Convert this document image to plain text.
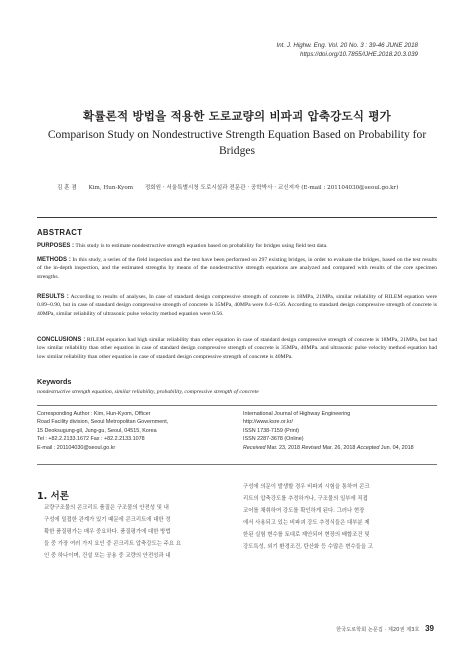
Int. J. Highw. Eng. Vol. 20 No. 3 : 39-46 JUNE 2018
https://doi.org/10.7855/IJHE.2018.20.3.039
확률론적 방법을 적용한 도로교량의 비파괴 압축강도식 평가
Comparison Study on Nondestructive Strength Equation Based on Probability for Bridges
김 훈 겸 Kim, Hun-Kyom 정회원 · 서울특별시청 도로시설과 전문관 · 공학박사 · 교신저자 (E-mail : 201104030@seoul.go.kr)
ABSTRACT
PURPOSES : This study is to estimate nondestructive strength equation based on probability for bridges using field test data.
METHODS : In this study, a series of the field inspection and the test have been performed on 297 existing bridges, in order to evaluate the bridges, based on the test results of the in-depth inspection, and the estimated strengths by means of the nondestructive strength equations are analyzed and compared with results of the core specimen strengths.
RESULTS : According to results of analyses, In case of standard design compressive strength of concrete is 18MPa, 21MPa, similar reliability of RILEM equation were 0.89~0.90, but in case of standard design compressive strength of concrete is 35MPa, 40MPa were 0.4~0.56. According to standard design compressive strength of concrete is 40MPa, similar reliability of ultrasonic pulse velocity method equation were 0.56.
CONCLUSIONS : RILEM equation had high similar reliability than other equation in case of standard design compressive strength of concrete is 18MPa, 21MPa, but had low similar reliability than other equation in case of standard design compressive strength of concrete is 35MPa, 40MPa. and ultrasonic pulse velocity method equation had low similar reliability than other equation in case of standard design compressive strength of concrete is 40MPa.
Keywords
nondestructive strength equation, similar reliability, probability, compressive strength of concrete
Corresponding Author : Kim, Hun-Kyom, Officer
Road Facility division, Seoul Metropolitan Government,
15 Deoksugung-gil, Jung-gu, Seoul, 04515, Korea
Tel : +82.2.2133.1672 Fax : +82.2.2133.1078
E-mail : 201104030@seoul.go.kr
International Journal of Highway Engineering
http://www.ksre.or.kr/
ISSN 1738-7159 (Print)
ISSN 2287-3678 (Online)
Received Mar. 23, 2018 Revised Mar. 26, 2018 Accepted Jun. 04, 2018
1. 서론
교량구조물의 콘크리트 품질은 구조물의 안전성 및 내
구성에 밀접한 관계가 있기 때문에 콘크리트에 대한 정
확한 품질평가는 매우 중요하다. 품질평가에 대한 방법
들 중 가장 여러 가지 요인 중 콘크리트 압축강도는 주요 요
인 중 하나이며, 건설 또는 공용 중 교량의 안전성과 내
구성에 의문이 발생할 경우 비파괴 시험을 통하여 콘크
리트의 압축강도를 추정하거나, 구조물의 일부에 직접
코어를 채취하여 강도를 확인하게 된다. 그러나 현장
에서 사용되고 있는 비파괴 강도 추정식들은 대부분 제
한된 실험 변수를 토대로 제안되어 현장의 배합조건 및
강도특성, 외기 환경조건, 탄산화 등 수많은 변수들을 고
한국도로학회 논문집 · 제20권 제3호 39
